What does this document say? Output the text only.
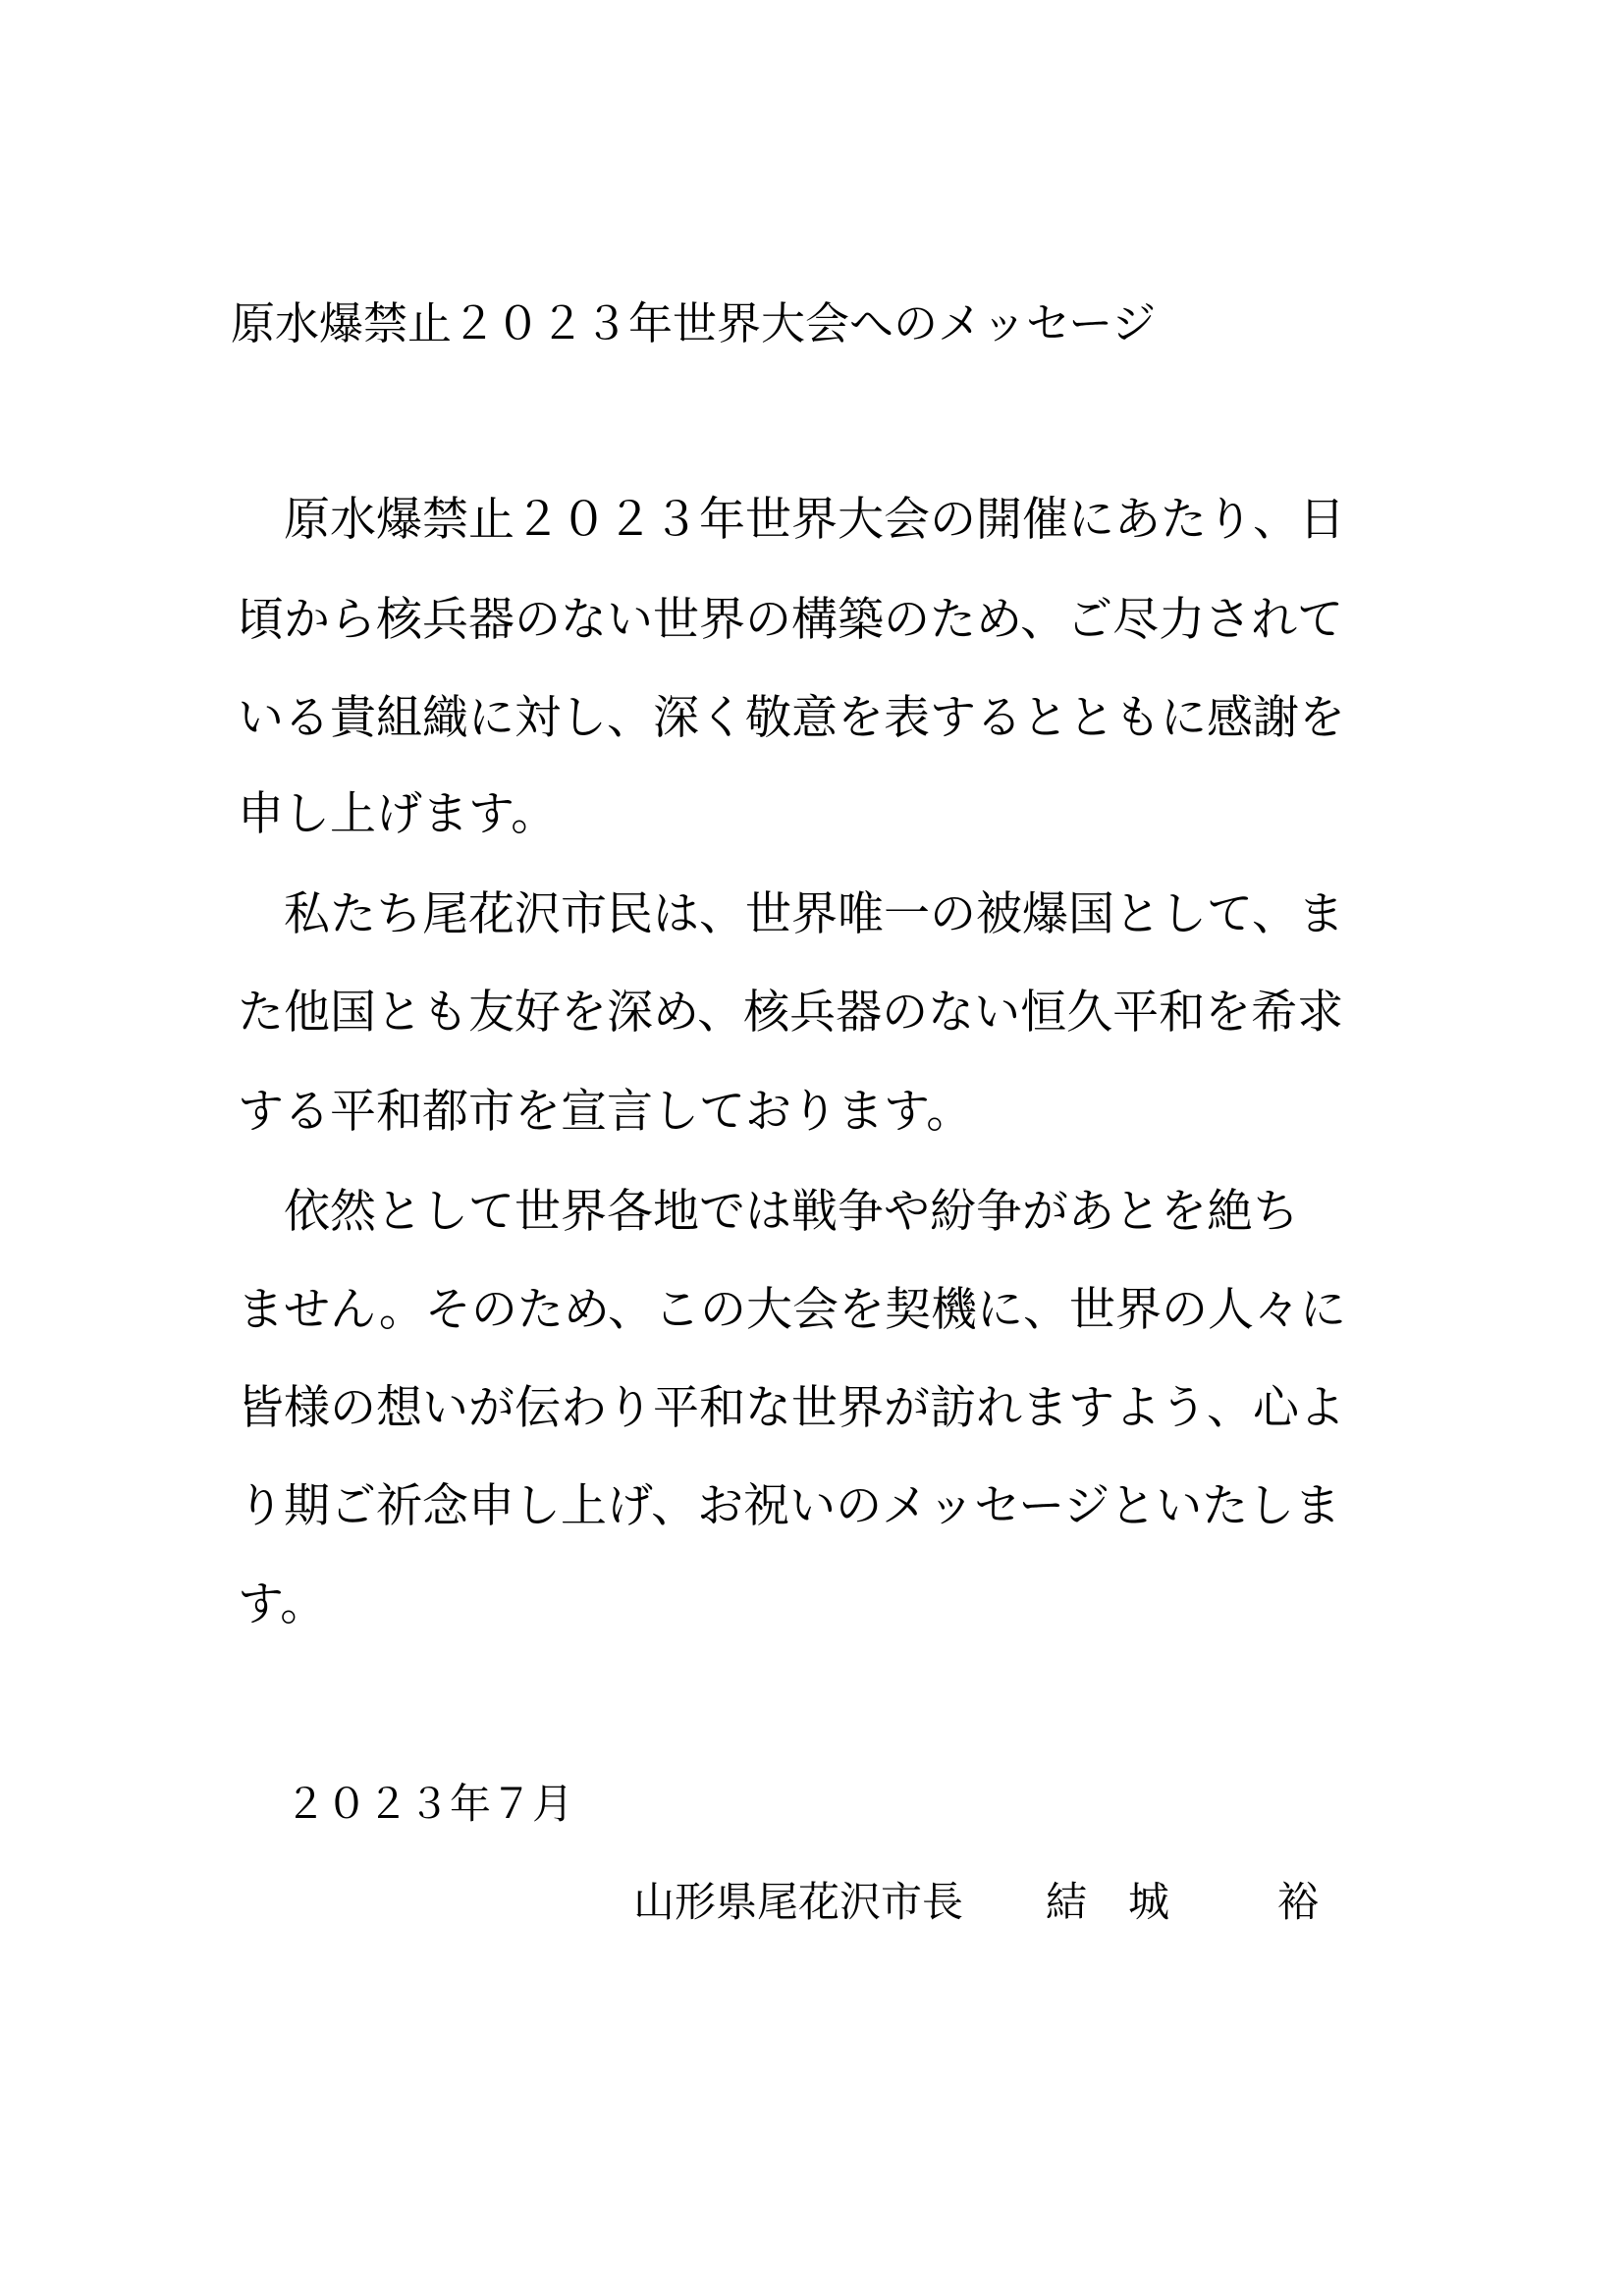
原水爆禁止２０２３年世界大会へのメッセージ
　原水爆禁止２０２３年世界大会の開催にあたり、日
頃から核兵器のない世界の構築のため、ご尽力されて
いる貴組織に対し、深く敬意を表するとともに感謝を
申し上げます。
　私たち尾花沢市民は、世界唯一の被爆国として、ま
た他国とも友好を深め、核兵器のない恒久平和を希求
する平和都市を宣言しております。
　依然として世界各地では戦争や紛争があとを絶ち
ません。そのため、この大会を契機に、世界の人々に
皆様の想いが伝わり平和な世界が訪れますよう、心よ
り期ご祈念申し上げ、お祝いのメッセージといたしま
す。
２０２３年７月
山形県尾花沢市長 結 城	裕
